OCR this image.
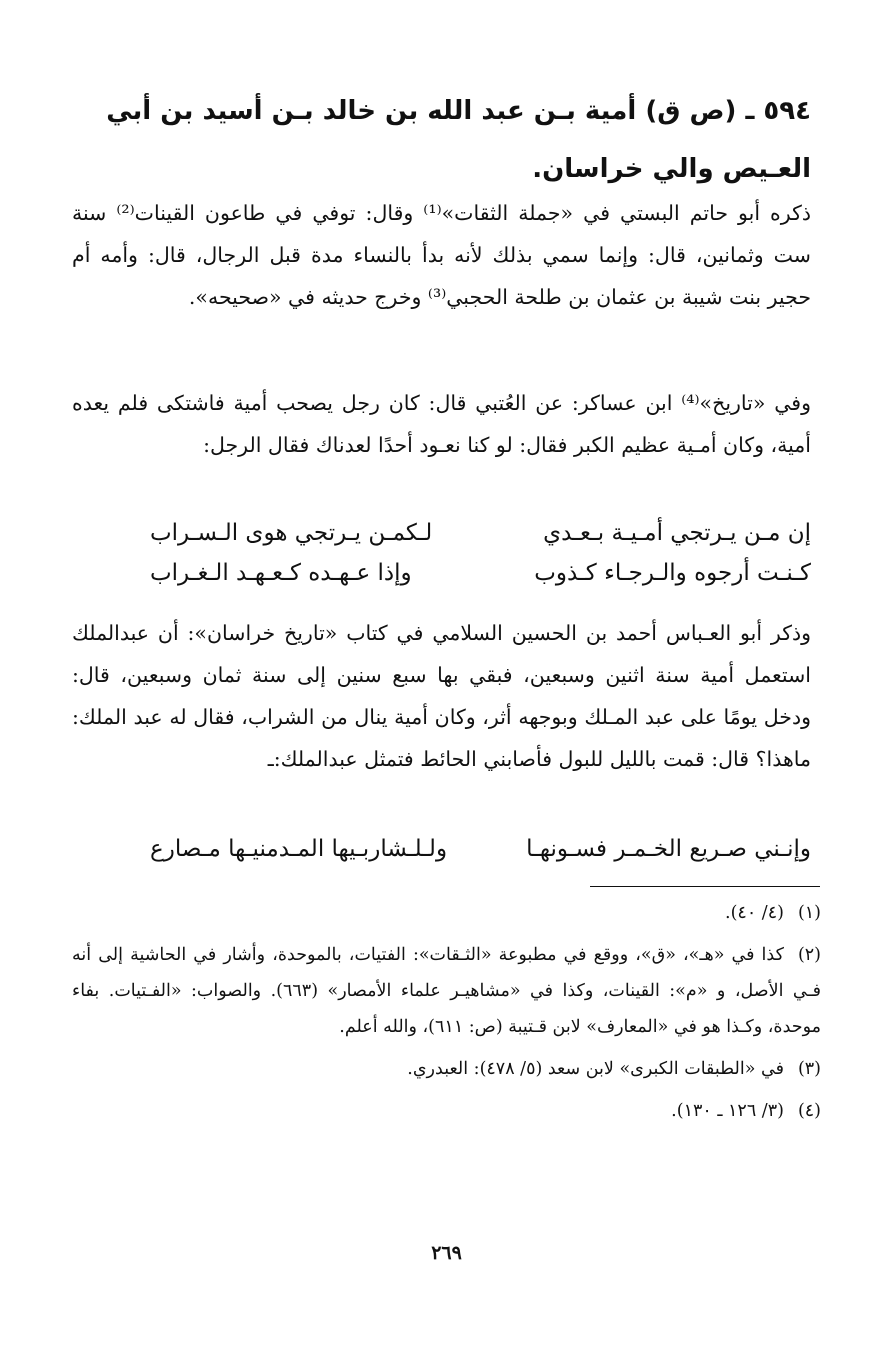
٥٩٤ ـ (ص ق) أمية بـن عبد الله بن خالد بـن أسيد بن أبي العـيص والي خراسان.
ذكره أبو حاتم البستي في «جملة الثقات»⁽¹⁾ وقال: توفي في طاعون القينات⁽²⁾ سنة ست وثمانين، قال: وإنما سمي بذلك لأنه بدأ بالنساء مدة قبل الرجال، قال: وأمه أم حجير بنت شيبة بن عثمان بن طلحة الحجبي⁽³⁾ وخرج حديثه في «صحيحه».
وفي «تاريخ»⁽⁴⁾ ابن عساكر: عن العُتبي قال: كان رجل يصحب أمية فاشتكى فلم يعده أمية، وكان أمـية عظيم الكبر فقال: لو كنا نعـود أحدًا لعدناك فقال الرجل:
إن مـن يـرتجي أمـيـة بـعـدي
لـكمـن يـرتجي هوى الـسـراب
كـنـت أرجوه والـرجـاء كـذوب
وإذا عـهـده كـعـهـد الـغـراب
وذكر أبو العـباس أحمد بن الحسين السلامي في كتاب «تاريخ خراسان»: أن عبدالملك استعمل أمية سنة اثنين وسبعين، فبقي بها سبع سنين إلى سنة ثمان وسبعين، قال: ودخل يومًا على عبد المـلك وبوجهه أثر، وكان أمية ينال من الشراب، فقال له عبد الملك: ماهذا؟ قال: قمت بالليل للبول فأصابني الحائط فتمثل عبدالملك:ـ
وإنـني صـريع الخـمـر فسـونهـا
ولـلـشاربـيها المـدمنيـها مـصارع
(١)(٤/ ٤٠).
(٢)كذا في «هـ»، «ق»، ووقع في مطبوعة «الثـقات»: الفتيات، بالموحدة، وأشار في الحاشية إلى أنه فـي الأصل، و «م»: القينات، وكذا في «مشاهيـر علماء الأمصار» (٦٦٣). والصواب: «الفـتيات. بفاء موحدة، وكـذا هو في «المعارف» لابن قـتيبة (ص: ٦١١)، والله أعلم.
(٣)في «الطبقات الكبرى» لابن سعد (٥/ ٤٧٨): العبدري.
(٤)(٣/ ١٢٦ ـ ١٣٠).
٢٦٩
